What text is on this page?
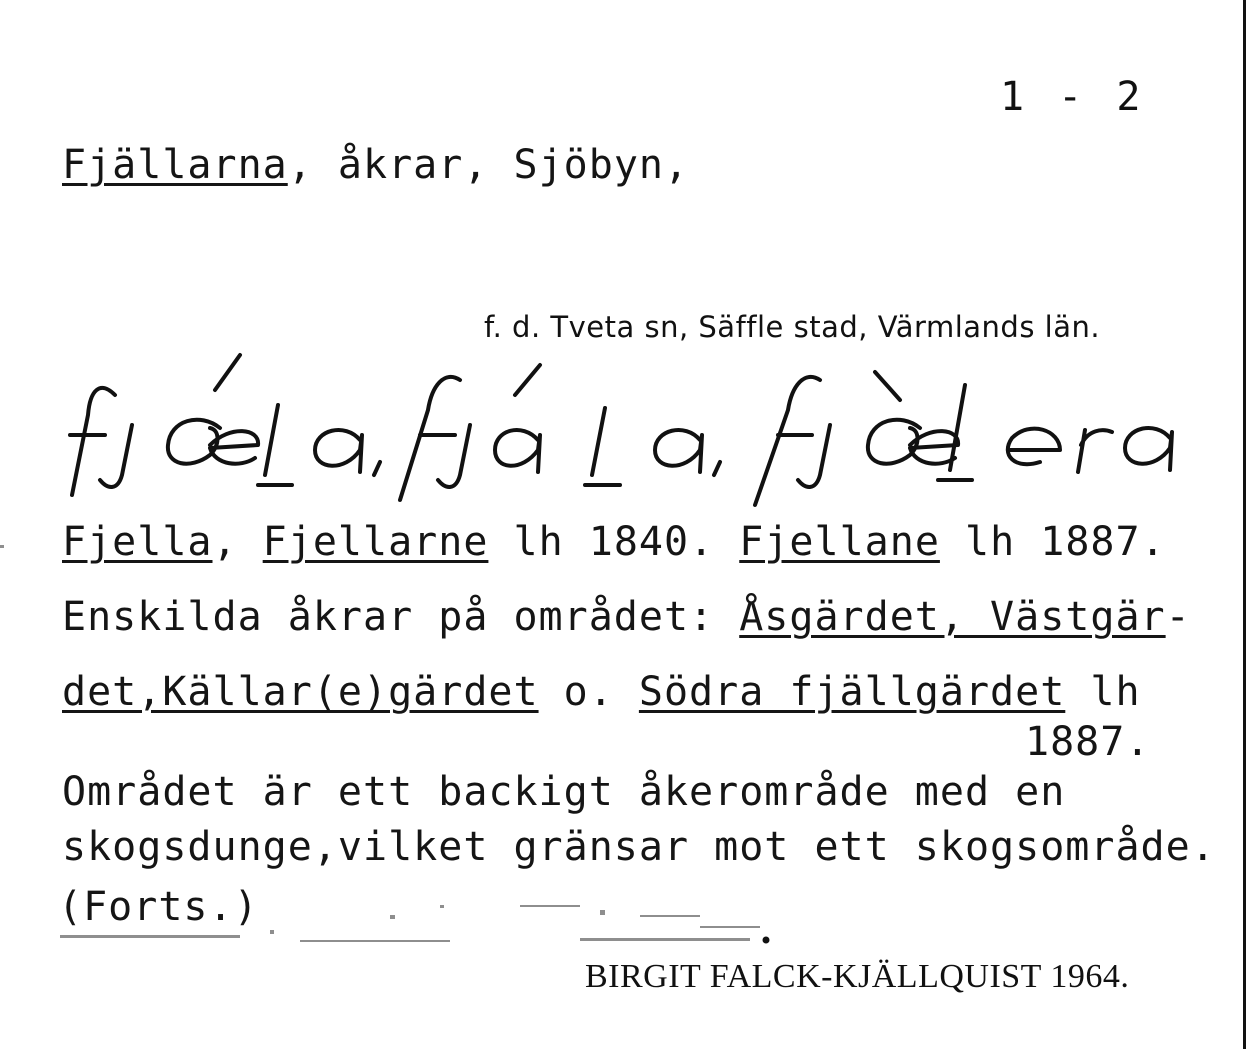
1 - 2
Fjällarna, åkrar, Sjöbyn,
f. d. Tveta sn, Säffle stad, Värmlands län.
Fjella, Fjellarne lh 1840. Fjellane lh 1887.
Enskilda åkrar på området: Åsgärdet, Västgär-
det,Källar(e)gärdet o. Södra fjällgärdet lh
1887.
Området är ett backigt åkerområde med en
skogsdunge,vilket gränsar mot ett skogsområde.
(Forts.)
BIRGIT FALCK-KJÄLLQUIST 1964.
